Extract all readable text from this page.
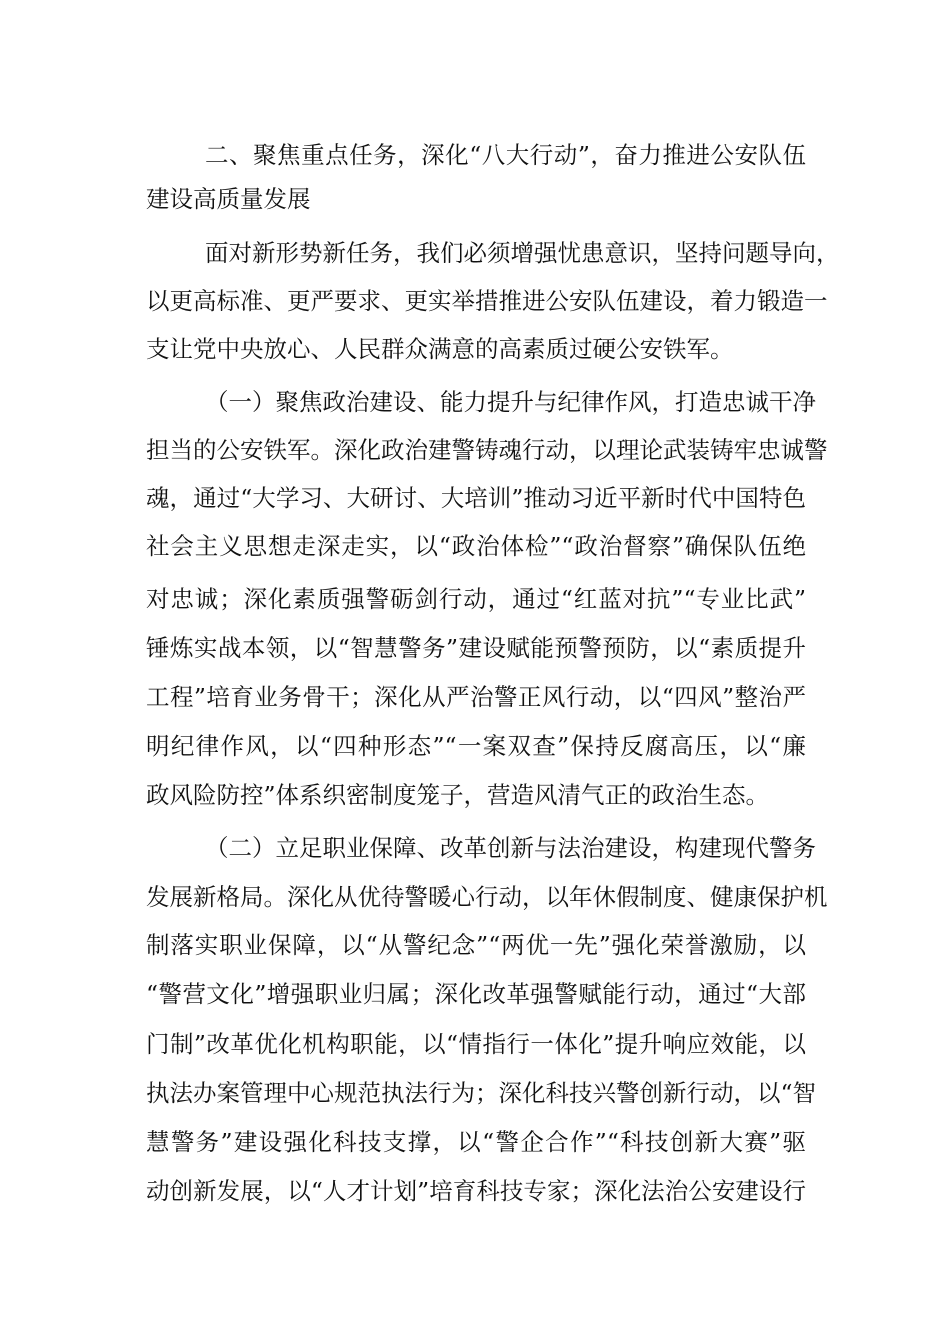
二、聚焦重点任务，深化“八大行动”，奋力推进公安队伍
建设高质量发展
面对新形势新任务，我们必须增强忧患意识，坚持问题导向，
以更高标准、更严要求、更实举措推进公安队伍建设，着力锻造一
支让党中央放心、人民群众满意的高素质过硬公安铁军。
（一）聚焦政治建设、能力提升与纪律作风，打造忠诚干净
担当的公安铁军。深化政治建警铸魂行动，以理论武装铸牢忠诚警
魂，通过“大学习、大研讨、大培训”推动习近平新时代中国特色
社会主义思想走深走实，以“政治体检”“政治督察”确保队伍绝
对忠诚；深化素质强警砺剑行动，通过“红蓝对抗”“专业比武”
锤炼实战本领，以“智慧警务”建设赋能预警预防，以“素质提升
工程”培育业务骨干；深化从严治警正风行动，以“四风”整治严
明纪律作风，以“四种形态”“一案双查”保持反腐高压，以“廉
政风险防控”体系织密制度笼子，营造风清气正的政治生态。
（二）立足职业保障、改革创新与法治建设，构建现代警务
发展新格局。深化从优待警暖心行动，以年休假制度、健康保护机
制落实职业保障，以“从警纪念”“两优一先”强化荣誉激励，以
“警营文化”增强职业归属；深化改革强警赋能行动，通过“大部
门制”改革优化机构职能，以“情指行一体化”提升响应效能，以
执法办案管理中心规范执法行为；深化科技兴警创新行动，以“智
慧警务”建设强化科技支撑，以“警企合作”“科技创新大赛”驱
动创新发展，以“人才计划”培育科技专家；深化法治公安建设行
